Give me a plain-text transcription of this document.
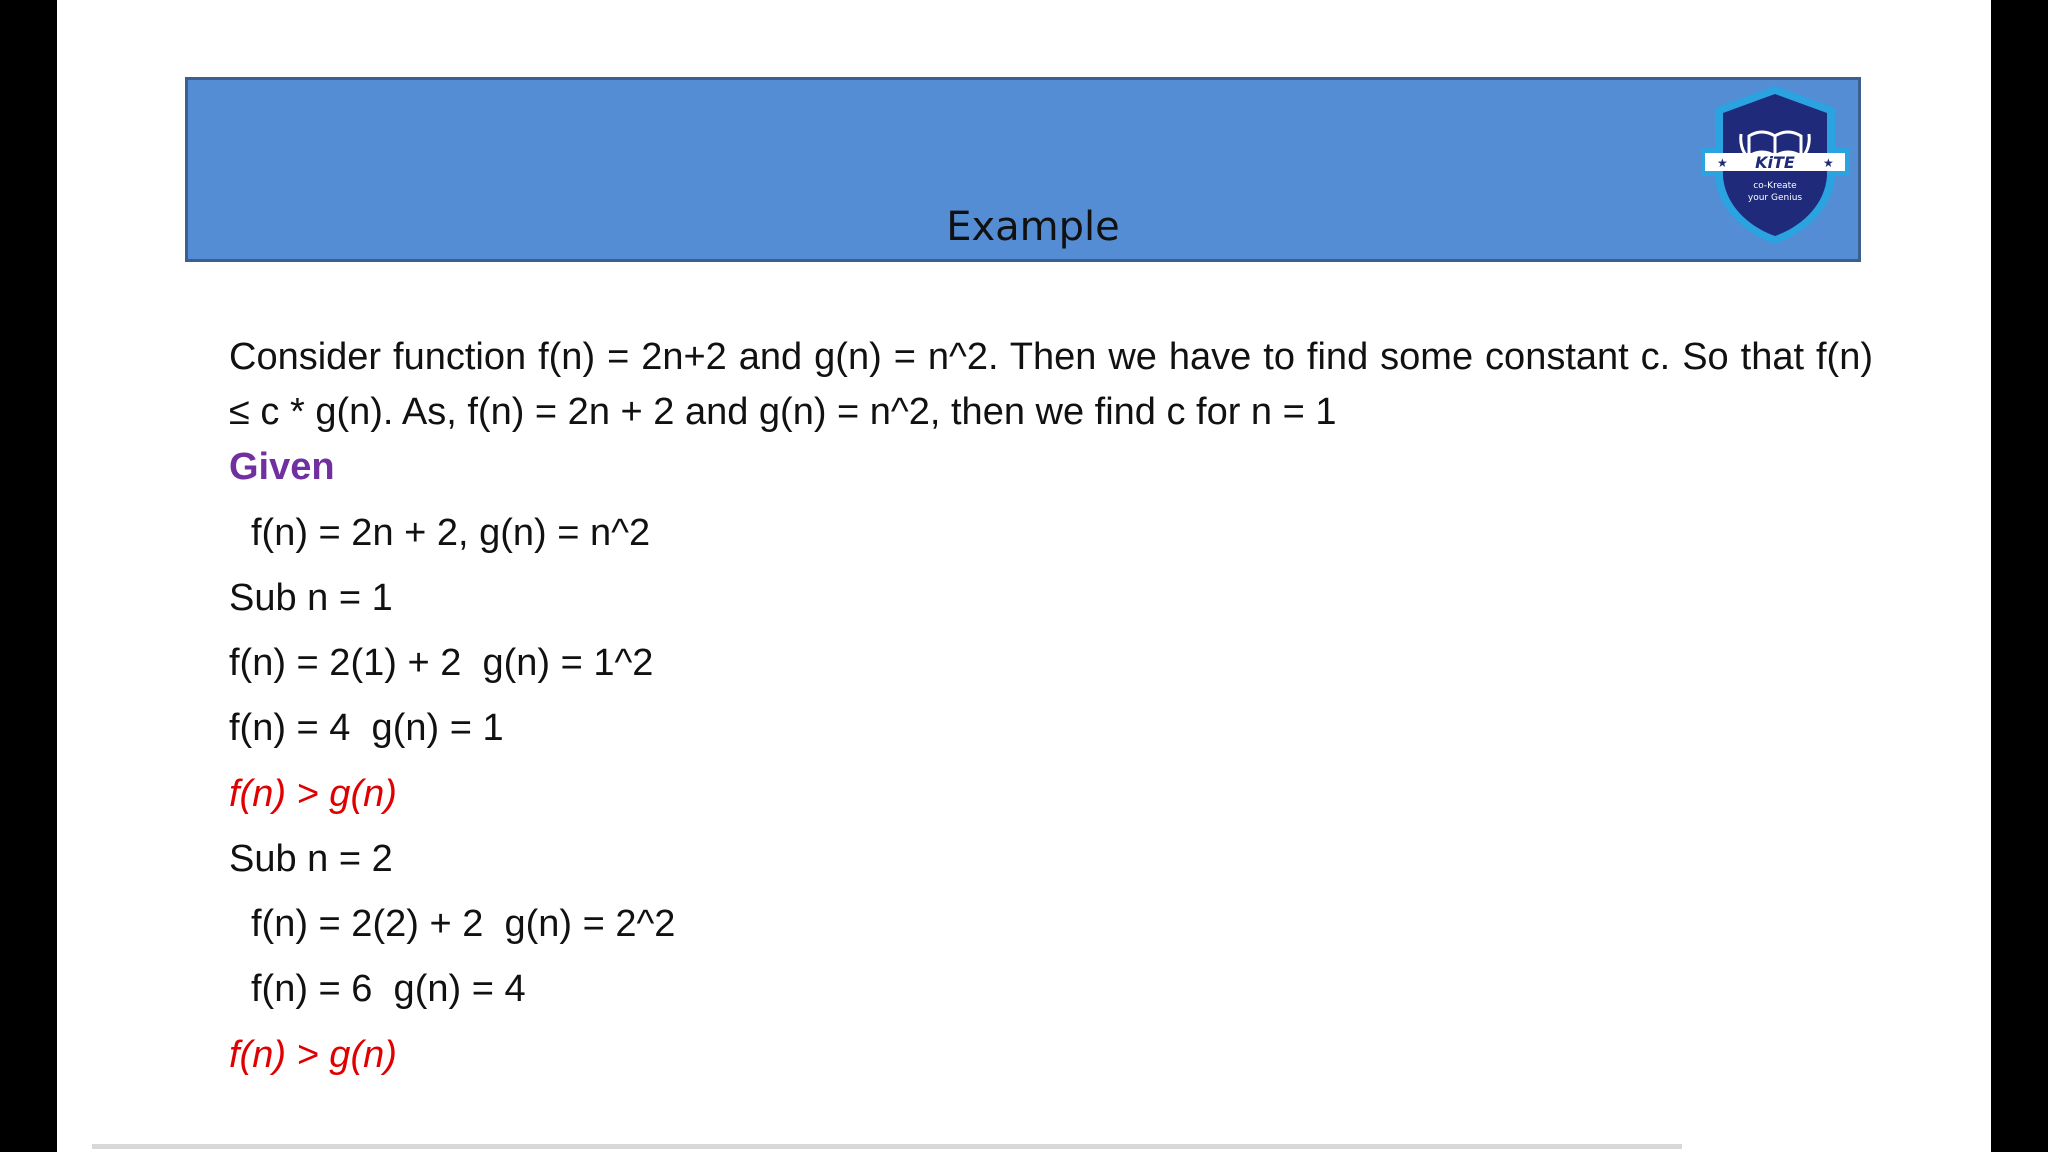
Example
★	★
KiTE
co-Kreate
your Genius

Consider function f(n) = 2n+2 and g(n) = n^2. Then we have to find some constant c. So that f(n) ≤ c * g(n). As, f(n) = 2n + 2 and g(n) = n^2, then we find c for n = 1

Given
f(n) = 2n + 2, g(n) = n^2
Sub n = 1
f(n) = 2(1) + 2  g(n) = 1^2
f(n) = 4  g(n) = 1
f(n) > g(n)
Sub n = 2
f(n) = 2(2) + 2  g(n) = 2^2
f(n) = 6  g(n) = 4
f(n) > g(n)
